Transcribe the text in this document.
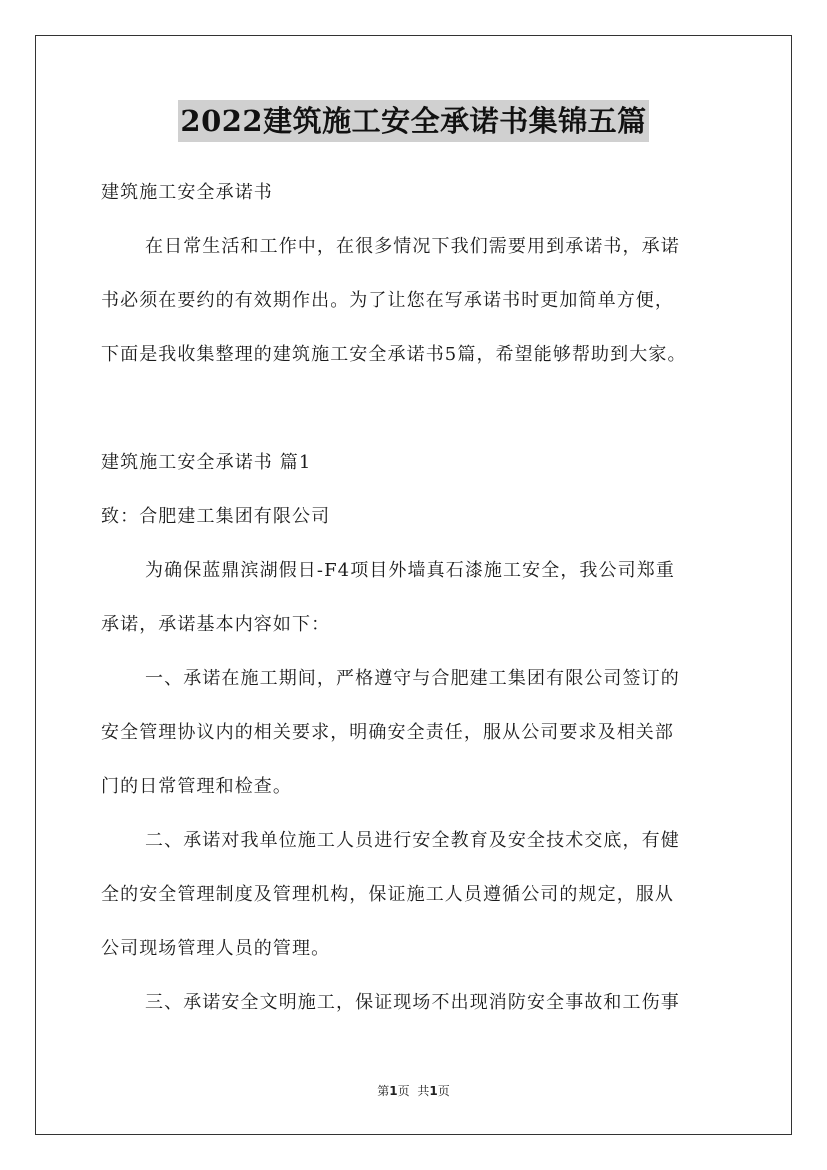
2022建筑施工安全承诺书集锦五篇
建筑施工安全承诺书
在日常生活和工作中，在很多情况下我们需要用到承诺书，承诺
书必须在要约的有效期作出。为了让您在写承诺书时更加简单方便，
下面是我收集整理的建筑施工安全承诺书5篇，希望能够帮助到大家。
建筑施工安全承诺书 篇1
致：合肥建工集团有限公司
为确保蓝鼎滨湖假日-F4项目外墙真石漆施工安全，我公司郑重
承诺，承诺基本内容如下：
一、承诺在施工期间，严格遵守与合肥建工集团有限公司签订的
安全管理协议内的相关要求，明确安全责任，服从公司要求及相关部
门的日常管理和检查。
二、承诺对我单位施工人员进行安全教育及安全技术交底，有健
全的安全管理制度及管理机构，保证施工人员遵循公司的规定，服从
公司现场管理人员的管理。
三、承诺安全文明施工，保证现场不出现消防安全事故和工伤事
第1页 共1页
